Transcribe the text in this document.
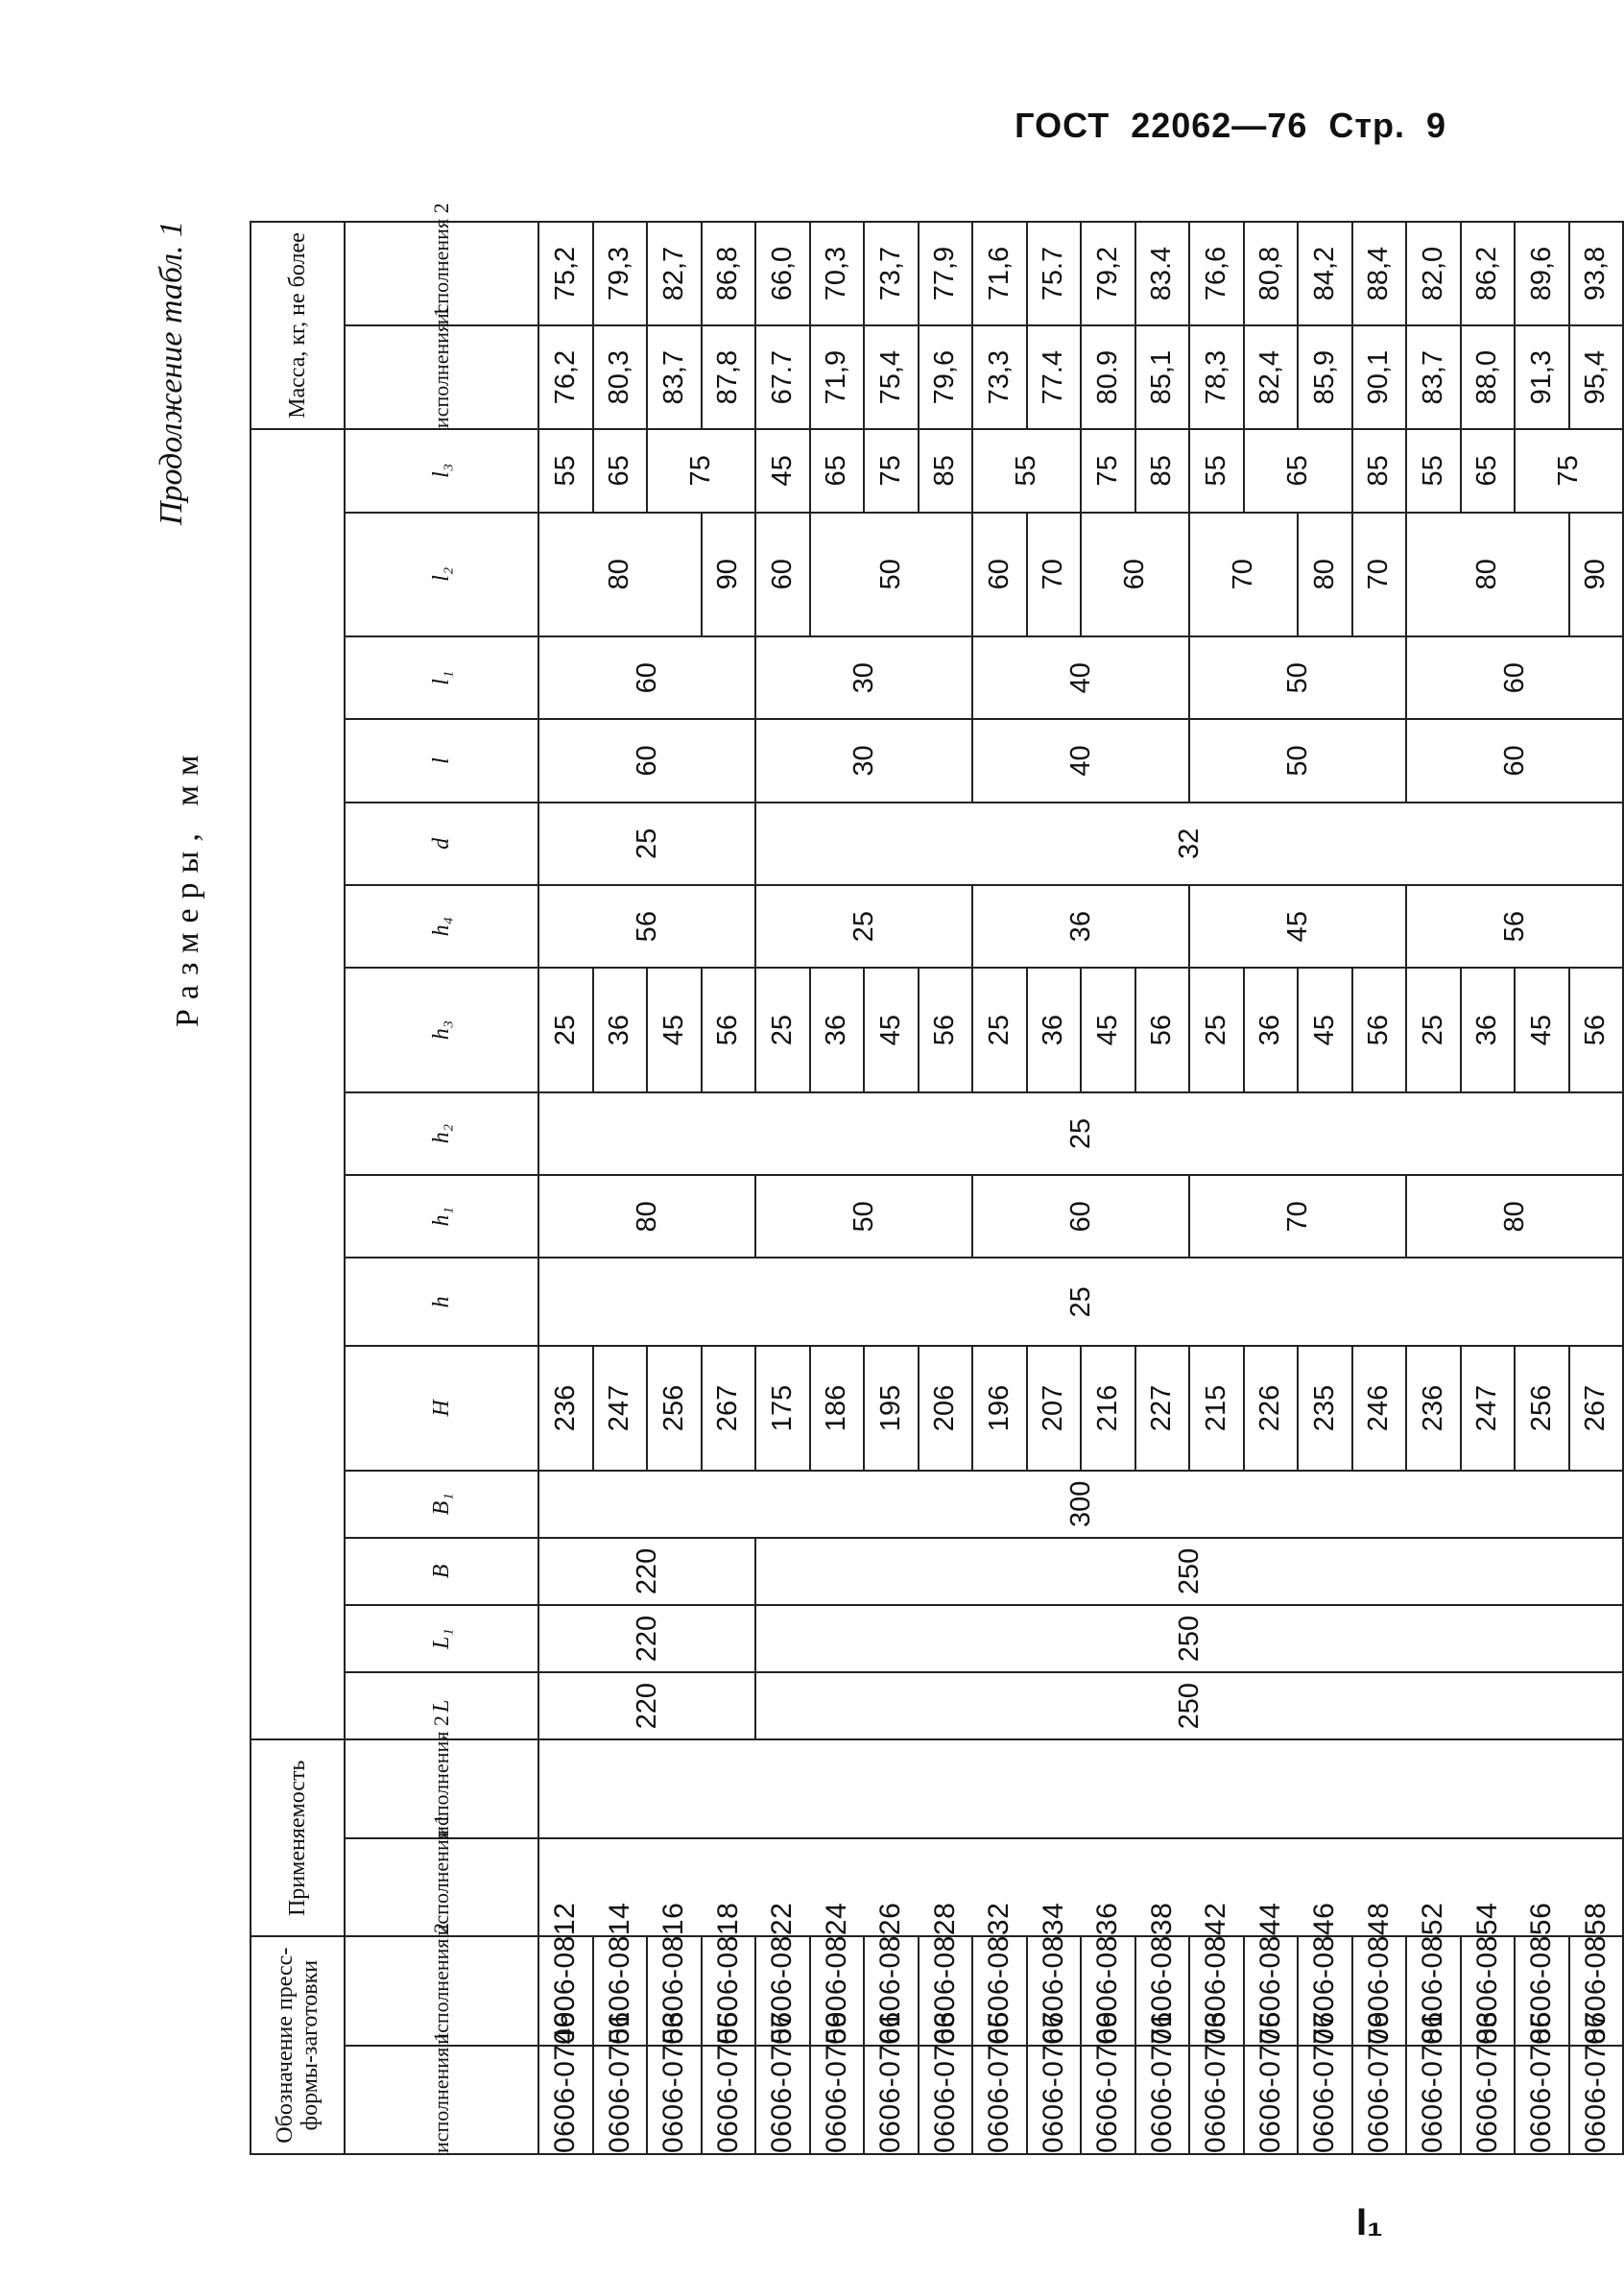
ГОСТ 22062—76 Стр. 9
Размеры, мм
Продолжение табл. 1
Обозначение пресс-формы-заготовки		Применяемость																	Масса, кг, не более	
исполнения 1	исполнения 2	исполнения 1	исполнения 2	L	L₁	B	B₁	H	h	h₁	h₂	h₃	h₄	d	l	l₁	l₂	l₃	исполнения 1	исполнения 2
0606-0749	0606-0812			220	220	220	300	236	25	80	25	25	56	25	60	60	80	55	76,2	75,2
0606-0751	0606-0814							247				36						65	80,3	79,3
0606-0753	0606-0816							256				45						75	83,7	82,7
0606-0755	0606-0818							267				56					90		87,8	86,8
0606-0757	0606-0822			250	250	250		175		50		25	25	32	30	30	60	45	67.7	66,0
0606-0759	0606-0824							186				36					50	65	71,9	70,3
0606-0761	0606-0826							195				45						75	75,4	73,7
0606-0763	0606-0828							206				56						85	79,6	77,9
0606-0765	0606-0832							196		60		25	36		40	40	60	55	73,3	71,6
0606-0767	0606-0834							207				36					70		77.4	75.7
0606-0769	0606-0836							216				45					60	75	80.9	79,2
0606-0771	0606-0838							227				56						85	85,1	83.4
0606-0773	0606-0842							215		70		25	45		50	50	70	55	78,3	76,6
0606-0775	0606-0844							226				36						65	82,4	80,8
0606-0777	0606-0846							235				45					80		85,9	84,2
0606-0779	0606-0848							246				56					70	85	90,1	88,4
0606-0781	0606-0852							236		80		25	56		60	60	80	55	83,7	82,0
0606-0783	0606-0854							247				36						65	88,0	86,2
0606-0785	0606-0856							256				45						75	91,3	89,6
0606-0787	0606-0858							267				56					90		95,4	93,8
I₁
